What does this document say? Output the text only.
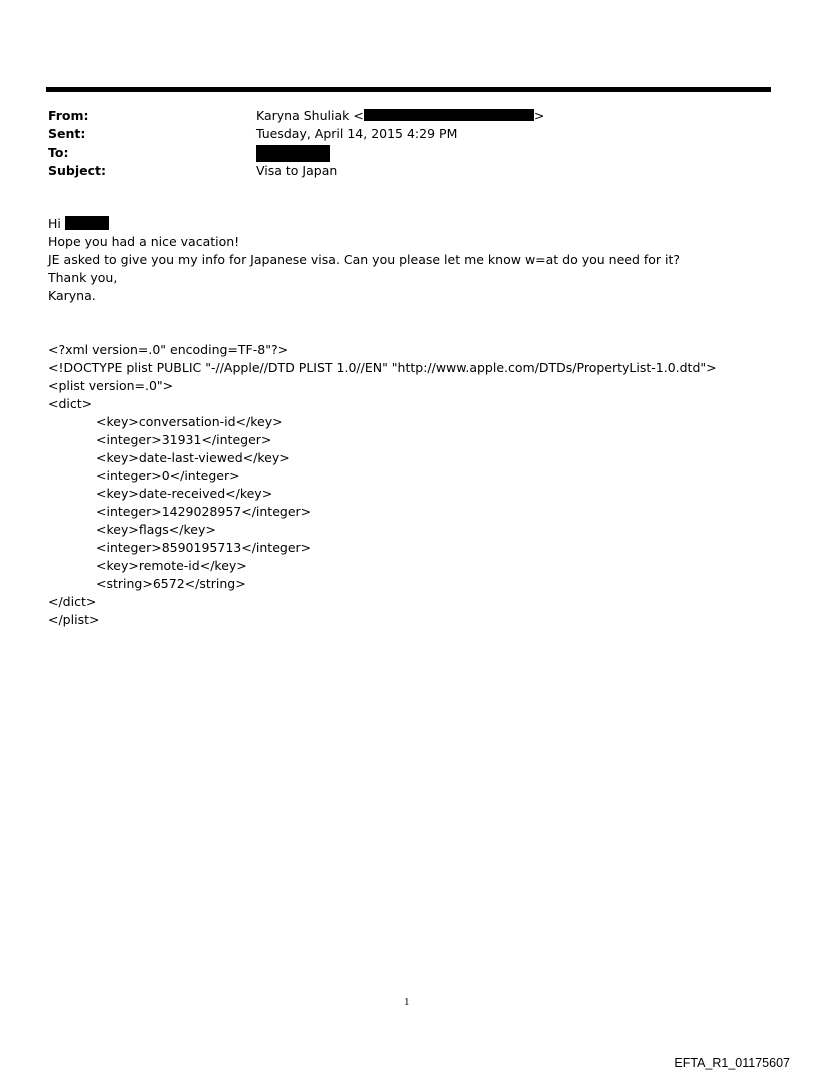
From:	Karyna Shuliak <	>
Sent:	Tuesday, April 14, 2015 4:29 PM
To:
Subject:	Visa to Japan
Hi
Hope you had a nice vacation!
JE asked to give you my info for Japanese visa. Can you please let me know w=at do you need for it?
Thank you,
Karyna.
<?xml version=.0" encoding=TF-8"?>
<!DOCTYPE plist PUBLIC "-//Apple//DTD PLIST 1.0//EN" "http://www.apple.com/DTDs/PropertyList-1.0.dtd">
<plist version=.0">
<dict>
<key>conversation-id</key>
<integer>31931</integer>
<key>date-last-viewed</key>
<integer>0</integer>
<key>date-received</key>
<integer>1429028957</integer>
<key>flags</key>
<integer>8590195713</integer>
<key>remote-id</key>
<string>6572</string>
</dict>
</plist>
1
EFTA_R1_01175607
